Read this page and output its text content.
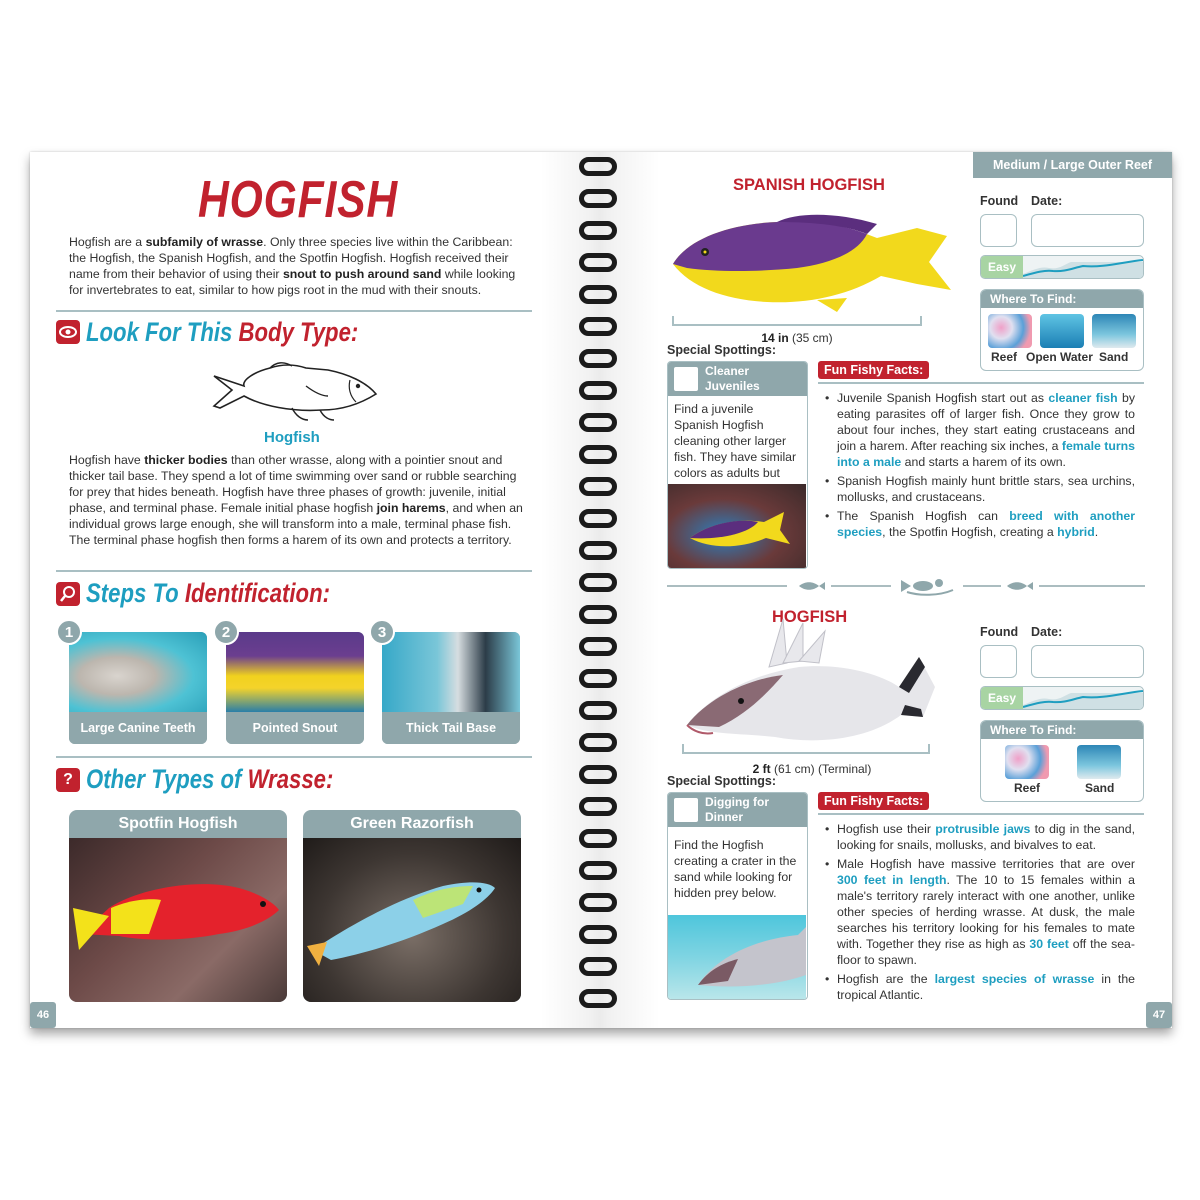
HOGFISH
Hogfish are a subfamily of wrasse. Only three species live within the Caribbean: the Hogfish, the Spanish Hogfish, and the Spotfin Hogfish. Hogfish received their name from their behavior of using their snout to push around sand while looking for invertebrates to eat, similar to how pigs root in the mud with their snouts.
Look For This Body Type:
Hogfish
Hogfish have thicker bodies than other wrasse, along with a pointier snout and thicker tail base. They spend a lot of time swimming over sand or rubble searching for prey that hides beneath. Hogfish have three phases of growth: juvenile, initial phase, and terminal phase. Female initial phase hogfish join harems, and when an individual grows large enough, she will transform into a male, terminal phase fish. The terminal phase hogfish then forms a harem of its own and protects a territory.
Steps To Identification:
Large Canine Teeth
1
Pointed Snout
2
Thick Tail Base
3
? Other Types of Wrasse:
Spotfin Hogfish	Green Razorfish
46
Medium / Large Outer Reef
SPANISH HOGFISH
14 in (35 cm)
Found Date:
Easy
Where To Find:
Reef Open Water Sand
Special Spottings:
Cleaner Juveniles
Find a juvenile Spanish Hogfish cleaning other larger fish. They have similar colors as adults but
Fun Fishy Facts:
• Juvenile Spanish Hogfish start out as cleaner fish by eating parasites off of larger fish. Once they grow to about four inches, they start eating crustaceans and join a harem. After reaching six inches, a female turns into a male and starts a harem of its own.
• Spanish Hogfish mainly hunt brittle stars, sea urchins, mollusks, and crustaceans.
• The Spanish Hogfish can breed with another species, the Spotfin Hogfish, creating a hybrid.
HOGFISH
2 ft (61 cm) (Terminal)
Found Date:
Easy
Where To Find:
Reef	Sand
Special Spottings:
Digging for Dinner
Find the Hogfish creating a crater in the sand while looking for hidden prey below.
Fun Fishy Facts:
• Hogfish use their protrusible jaws to dig in the sand, looking for snails, mollusks, and bivalves to eat.
• Male Hogfish have massive territories that are over 300 feet in length. The 10 to 15 females within a male's territory rarely interact with one another, unlike other species of herding wrasse. At dusk, the male searches his territory looking for his females to mate with. Together they rise as high as 30 feet off the sea-floor to spawn.
• Hogfish are the largest species of wrasse in the tropical Atlantic.
47
